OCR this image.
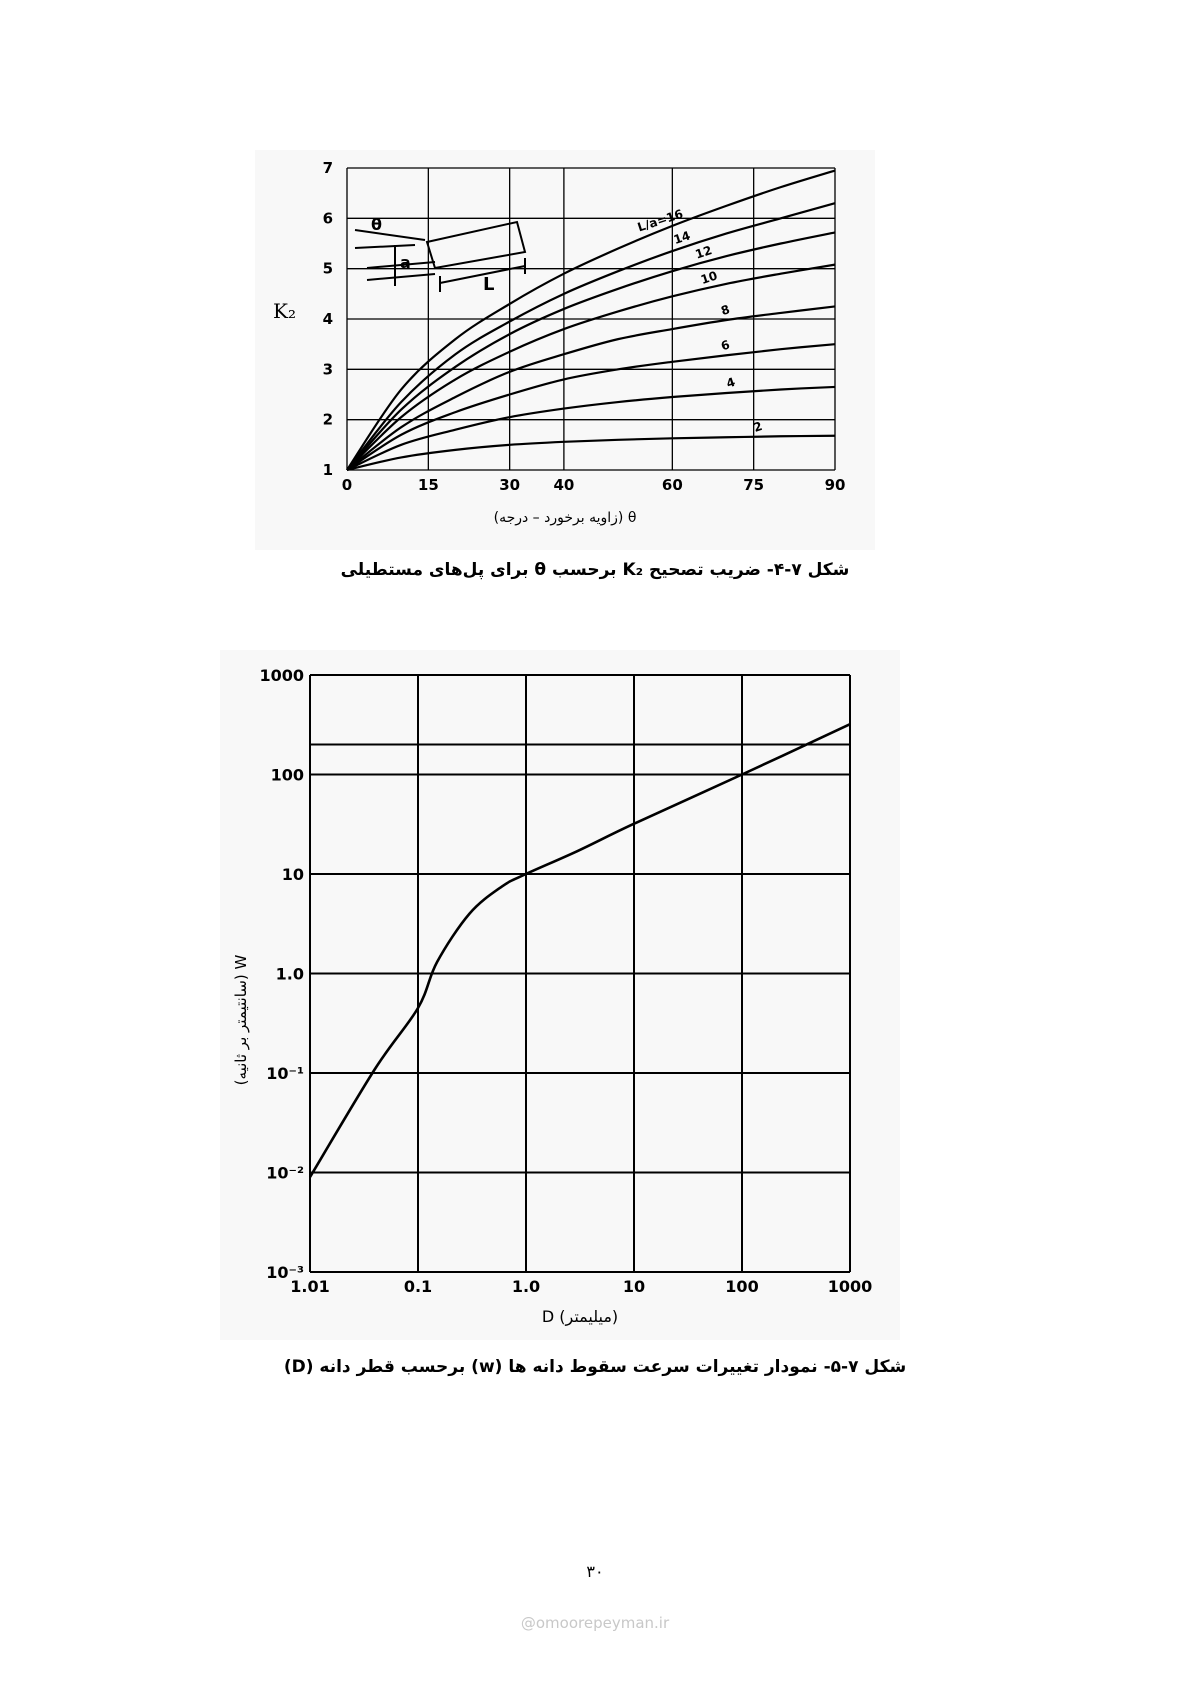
0	15	30 40	60	75	90
1
2
3
4
5
6
7
L/a=16
14
12
10
8
6
4
2
θ
a
L
K₂
θ (زاویه برخورد – درجه)
شکل ۷-۴- ضریب تصحیح K₂ برحسب θ برای پل‌های مستطیلی
1.01	0.1	1.0	10	100	1000
10⁻³
10⁻²
10⁻¹
1.0
10
100
1000
W (سانتیمتر بر ثانیه)
D (میلیمتر)
شکل ۷-۵- نمودار تغییرات سرعت سقوط دانه ها (w) برحسب قطر دانه (D)
۳۰
@omoorepeyman.ir
